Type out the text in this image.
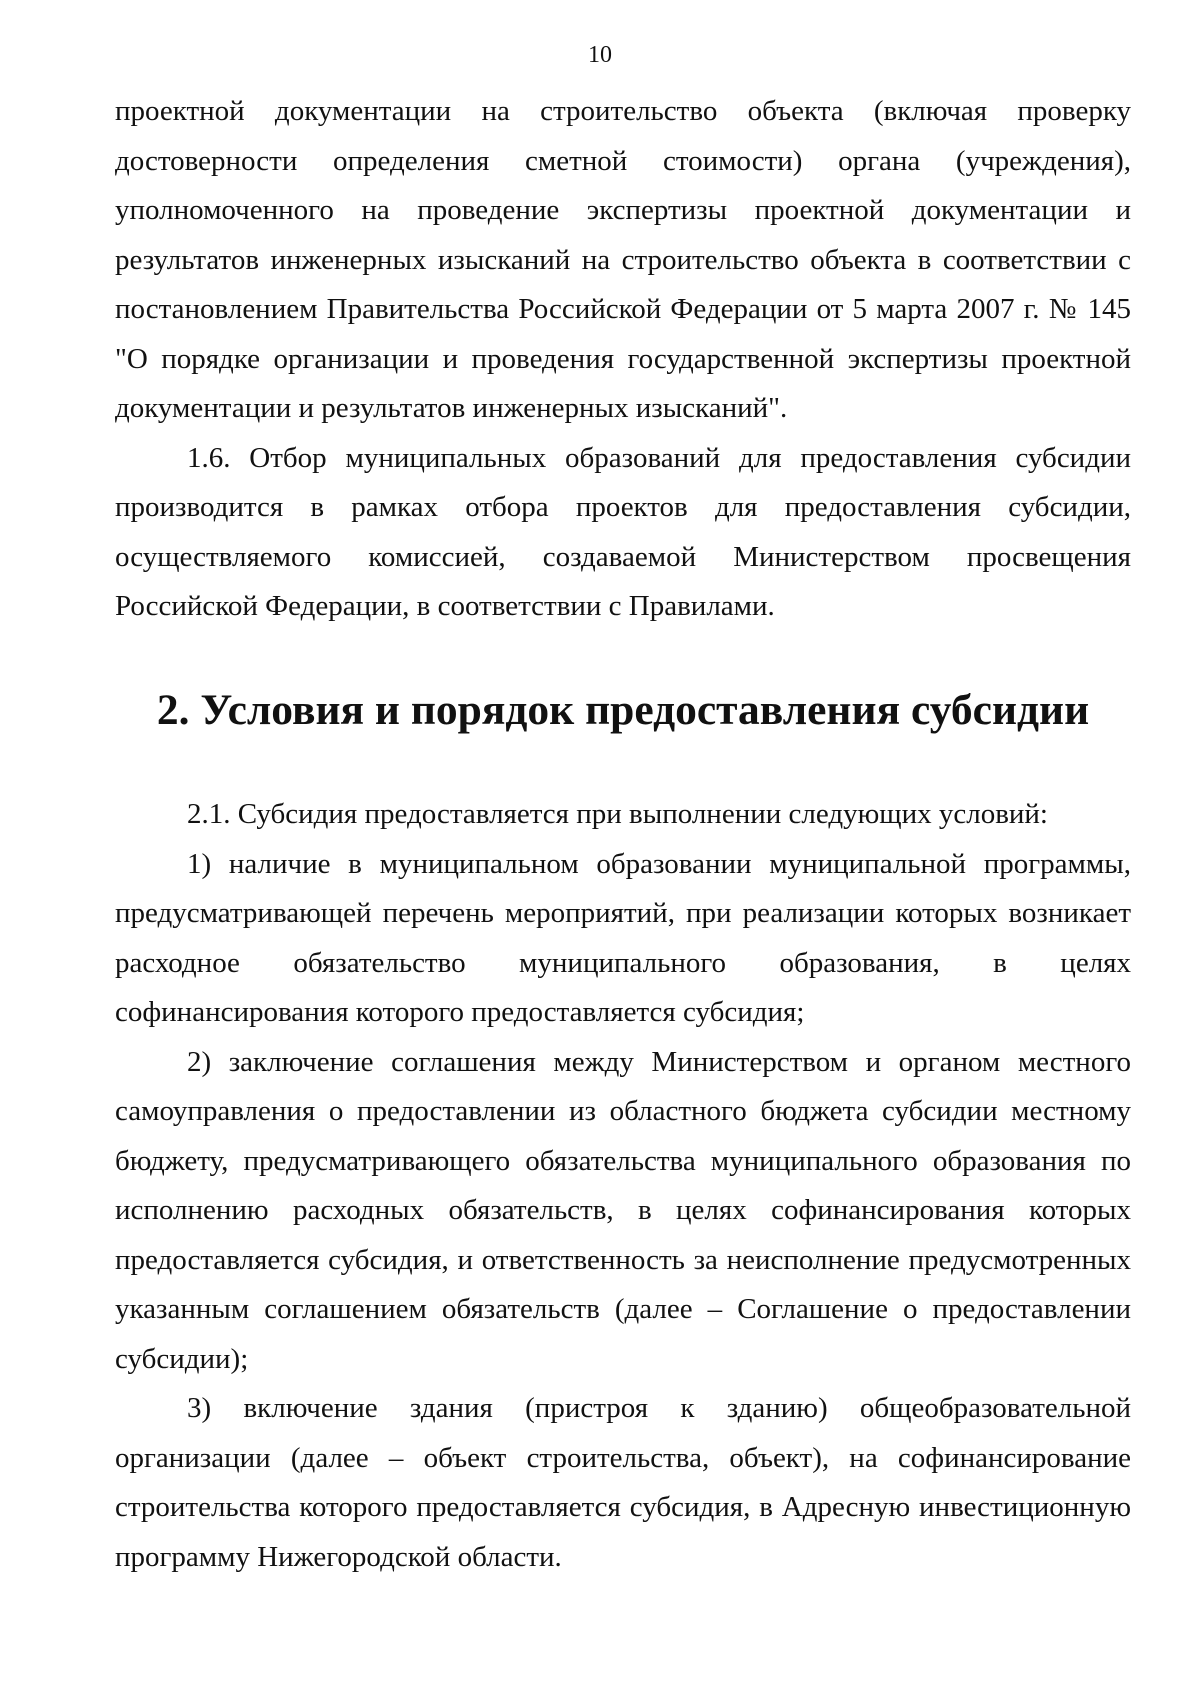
10

проектной документации на строительство объекта (включая проверку достоверности определения сметной стоимости) органа (учреждения), уполномоченного на проведение экспертизы проектной документации и результатов инженерных изысканий на строительство объекта в соответствии с постановлением Правительства Российской Федерации от 5 марта 2007 г. № 145 "О порядке организации и проведения государственной экспертизы проектной документации и результатов инженерных изысканий".

1.6. Отбор муниципальных образований для предоставления субсидии производится в рамках отбора проектов для предоставления субсидии, осуществляемого комиссией, создаваемой Министерством просвещения Российской Федерации, в соответствии с Правилами.

2. Условия и порядок предоставления субсидии

2.1. Субсидия предоставляется при выполнении следующих условий:

1) наличие в муниципальном образовании муниципальной программы, предусматривающей перечень мероприятий, при реализации которых возникает расходное обязательство муниципального образования, в целях софинансирования которого предоставляется субсидия;

2) заключение соглашения между Министерством и органом местного самоуправления о предоставлении из областного бюджета субсидии местному бюджету, предусматривающего обязательства муниципального образования по исполнению расходных обязательств, в целях софинансирования которых предоставляется субсидия, и ответственность за неисполнение предусмотренных указанным соглашением обязательств (далее – Соглашение о предоставлении субсидии);

3) включение здания (пристроя к зданию) общеобразовательной организации (далее – объект строительства, объект), на софинансирование строительства которого предоставляется субсидия, в Адресную инвестиционную программу Нижегородской области.
